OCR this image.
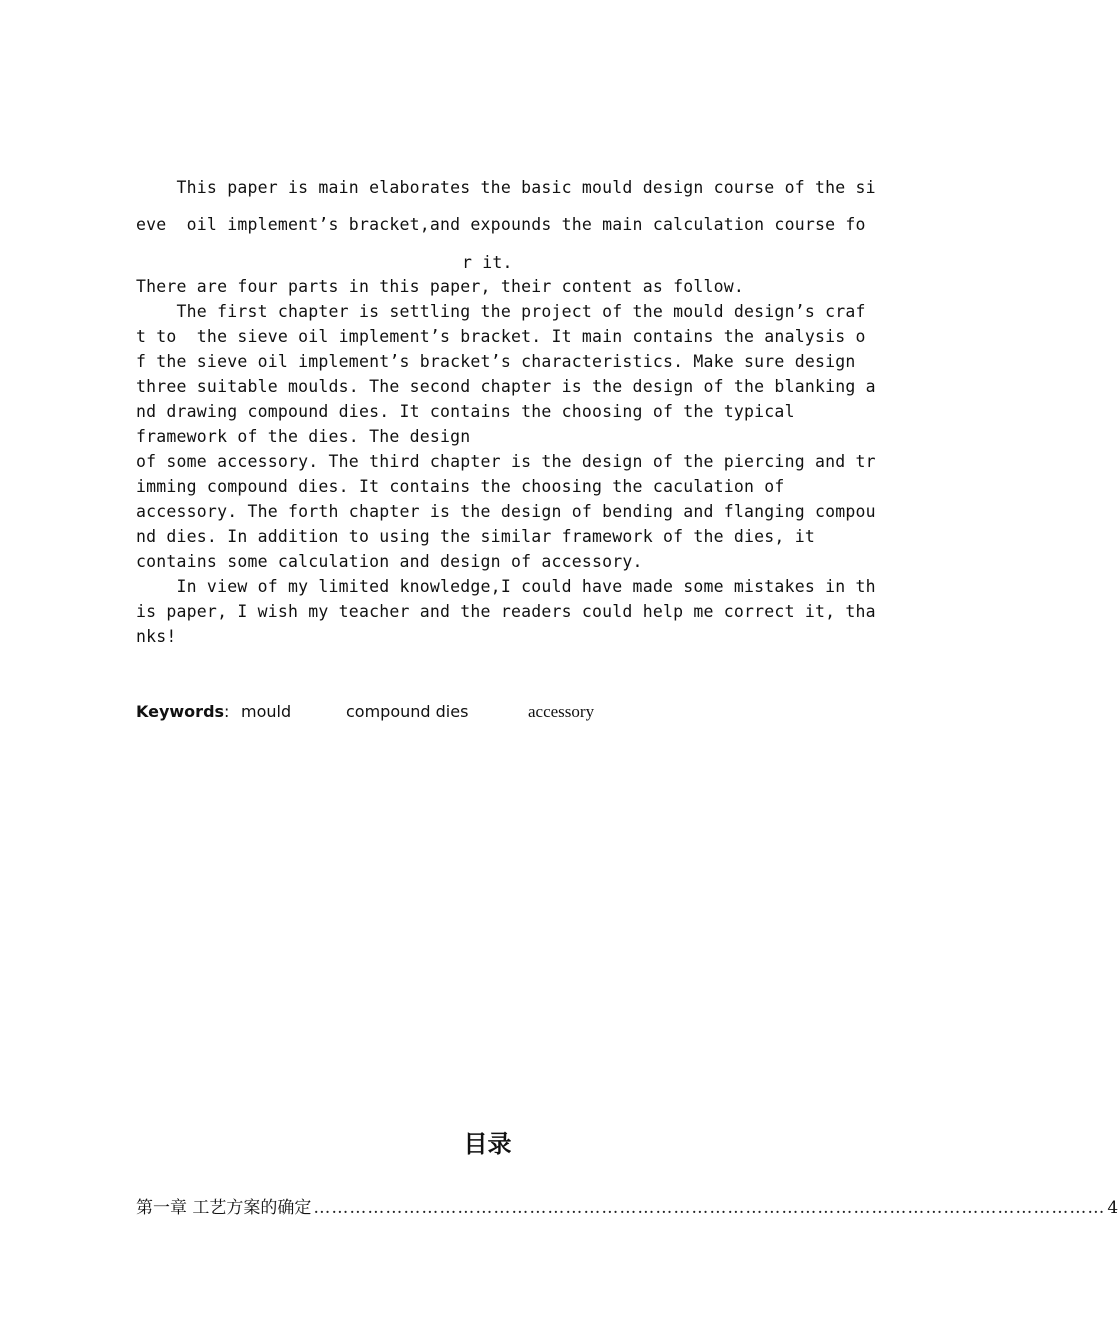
This paper is main elaborates the basic mould design course of the si
eve  oil implement’s bracket,and expounds the main calculation course fo
r it.
There are four parts in this paper, their content as follow.
The first chapter is settling the project of the mould design’s craf
t to  the sieve oil implement’s bracket. It main contains the analysis o
f the sieve oil implement’s bracket’s characteristics. Make sure design
three suitable moulds. The second chapter is the design of the blanking a
nd drawing compound dies. It contains the choosing of the typical
framework of the dies. The design
of some accessory. The third chapter is the design of the piercing and tr
imming compound dies. It contains the choosing the caculation of
accessory. The forth chapter is the design of bending and flanging compou
nd dies. In addition to using the similar framework of the dies, it
contains some calculation and design of accessory.
In view of my limited knowledge,I could have made some mistakes in th
is paper, I wish my teacher and the readers could help me correct it, tha
nks!
Keywords: mould	compound dies	accessory
目录
第一章 工艺方案的确定 …………………………………………………………………………………………………………………… 4
